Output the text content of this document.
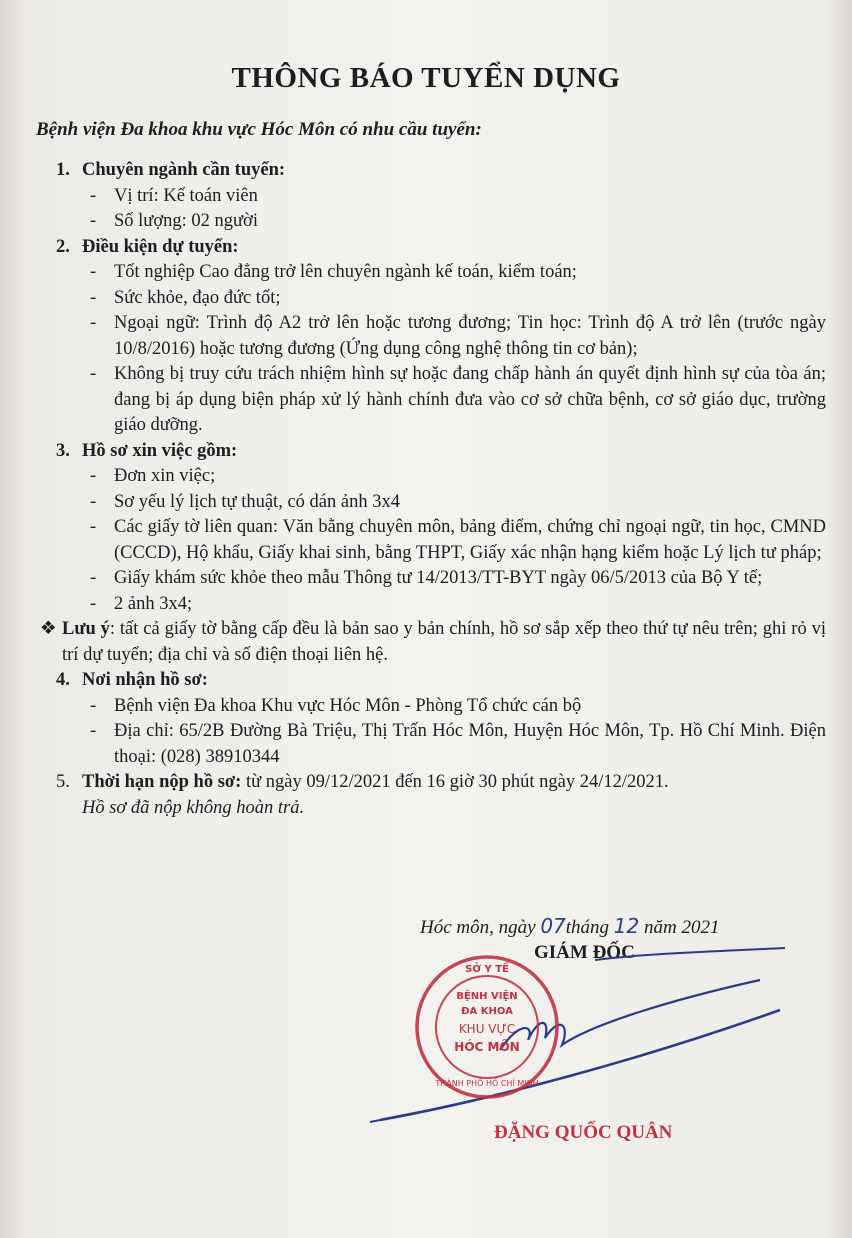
THÔNG BÁO TUYỂN DỤNG
Bệnh viện Đa khoa khu vực Hóc Môn có nhu cầu tuyển:
1. Chuyên ngành cần tuyển:
- Vị trí: Kế toán viên
- Số lượng: 02 người
2. Điều kiện dự tuyển:
- Tốt nghiệp Cao đẳng trở lên chuyên ngành kế toán, kiểm toán;
- Sức khỏe, đạo đức tốt;
- Ngoại ngữ: Trình độ A2 trở lên hoặc tương đương; Tin học: Trình độ A trở lên (trước ngày 10/8/2016) hoặc tương đương (Ứng dụng công nghệ thông tin cơ bản);
- Không bị truy cứu trách nhiệm hình sự hoặc đang chấp hành án quyết định hình sự của tòa án; đang bị áp dụng biện pháp xử lý hành chính đưa vào cơ sở chữa bệnh, cơ sở giáo dục, trường giáo dưỡng.
3. Hồ sơ xin việc gồm:
- Đơn xin việc;
- Sơ yếu lý lịch tự thuật, có dán ảnh 3x4
- Các giấy tờ liên quan: Văn bằng chuyên môn, bảng điểm, chứng chỉ ngoại ngữ, tin học, CMND (CCCD), Hộ khẩu, Giấy khai sinh, bằng THPT, Giấy xác nhận hạng kiểm hoặc Lý lịch tư pháp;
- Giấy khám sức khỏe theo mẫu Thông tư 14/2013/TT-BYT ngày 06/5/2013 của Bộ Y tế;
- 2 ảnh 3x4;
❖ Lưu ý: tất cả giấy tờ bằng cấp đều là bản sao y bản chính, hồ sơ sắp xếp theo thứ tự nêu trên; ghi rỏ vị trí dự tuyển; địa chỉ và số điện thoại liên hệ.
4. Nơi nhận hồ sơ:
- Bệnh viện Đa khoa Khu vực Hóc Môn - Phòng Tổ chức cán bộ
- Địa chỉ: 65/2B Đường Bà Triệu, Thị Trấn Hóc Môn, Huyện Hóc Môn, Tp. Hồ Chí Minh. Điện thoại: (028) 38910344
5. Thời hạn nộp hồ sơ: từ ngày 09/12/2021 đến 16 giờ 30 phút ngày 24/12/2021.
Hồ sơ đã nộp không hoàn trả.
Hóc môn, ngày 07tháng 12 năm 2021
GIÁM ĐỐC
SỞ Y TẾ
BỆNH VIỆN
ĐA KHOA
KHU VỰC
HÓC MÔN
THÀNH PHỐ HỒ CHÍ MINH
ĐẶNG QUỐC QUÂN
